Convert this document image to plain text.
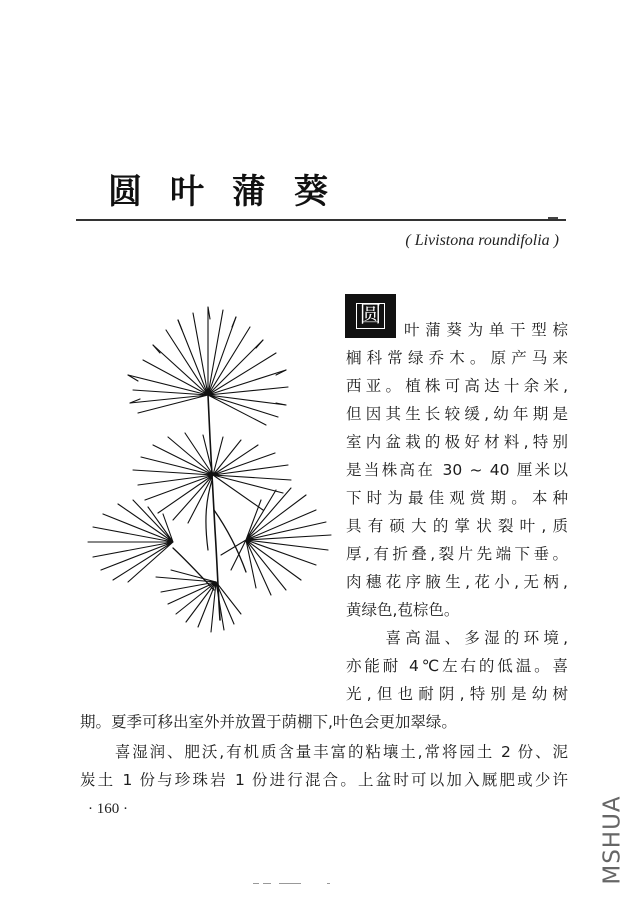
圆叶蒲葵
( Livistona roundifolia )
圆
叶蒲葵为单干型棕
榈科常绿乔木。原产马来
西亚。植株可高达十余米,
但因其生长较缓,幼年期是
室内盆栽的极好材料,特别
是当株高在 30 ~ 40 厘米以
下时为最佳观赏期。本种
具有硕大的掌状裂叶,质
厚,有折叠,裂片先端下垂。
肉穗花序腋生,花小,无柄,
黄绿色,苞棕色。
　　喜高温、多湿的环境,
亦能耐 4℃左右的低温。喜
光,但也耐阴,特别是幼树
期。夏季可移出室外并放置于荫棚下,叶色会更加翠绿。
　　喜湿润、肥沃,有机质含量丰富的粘壤土,常将园土 2 份、泥
炭土 1 份与珍珠岩 1 份进行混合。上盆时可以加入厩肥或少许
· 160 ·	MSHUA
